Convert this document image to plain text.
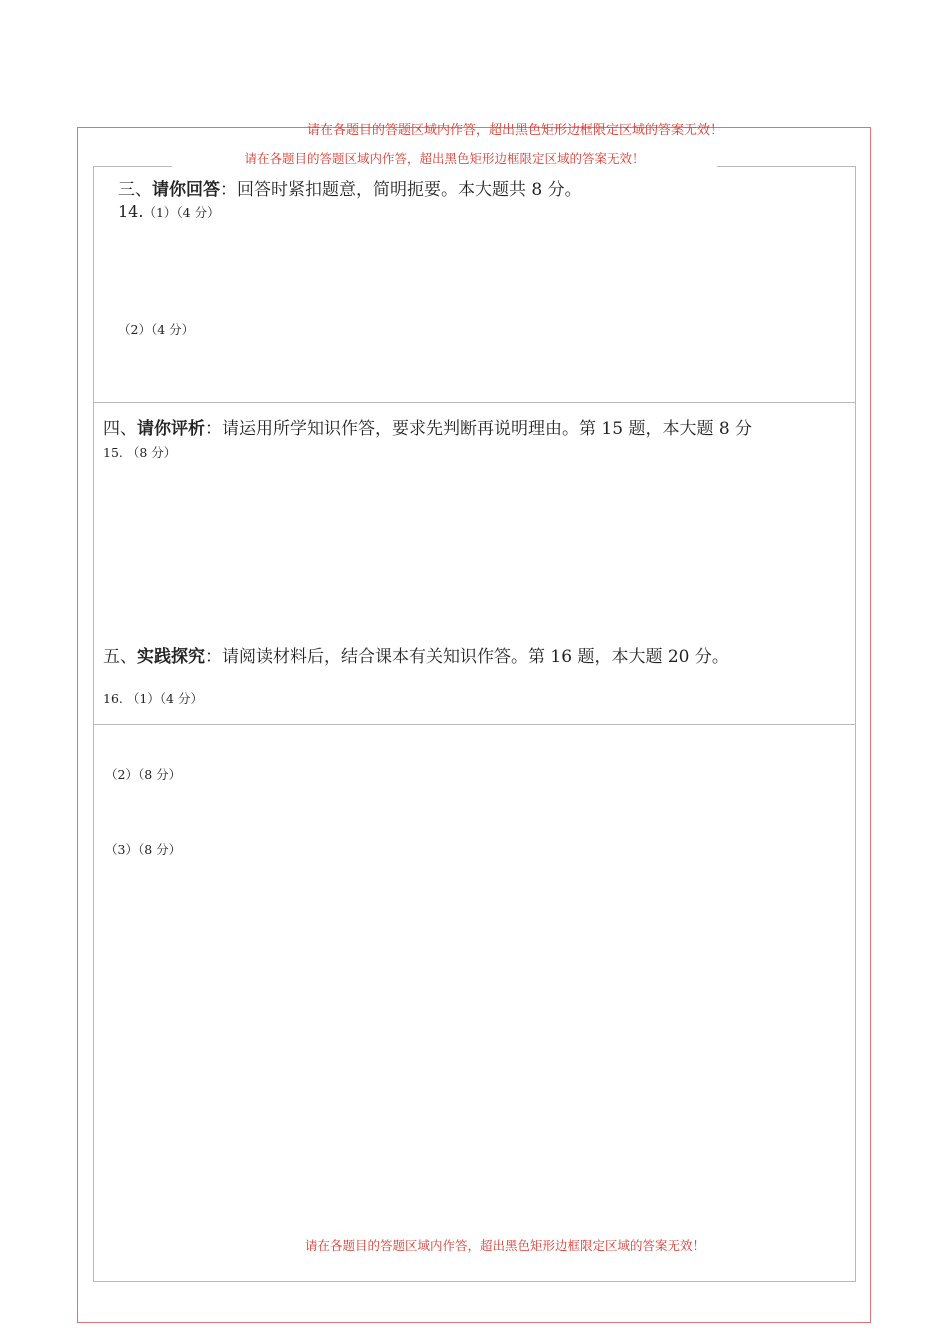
请在各题目的答题区域内作答，超出黑色矩形边框限定区域的答案无效！
请在各题目的答题区域内作答，超出黑色矩形边框限定区域的答案无效！
三、请你回答：回答时紧扣题意，简明扼要。本大题共 8 分。
14.（1）（4 分）
（2）（4 分）
四、请你评析：请运用所学知识作答，要求先判断再说明理由。第 15 题，本大题 8 分
15. （8 分）
五、实践探究：请阅读材料后，结合课本有关知识作答。第 16 题，本大题 20 分。
16. （1）（4 分）
（2）（8 分）
（3）（8 分）
请在各题目的答题区域内作答，超出黑色矩形边框限定区域的答案无效！
